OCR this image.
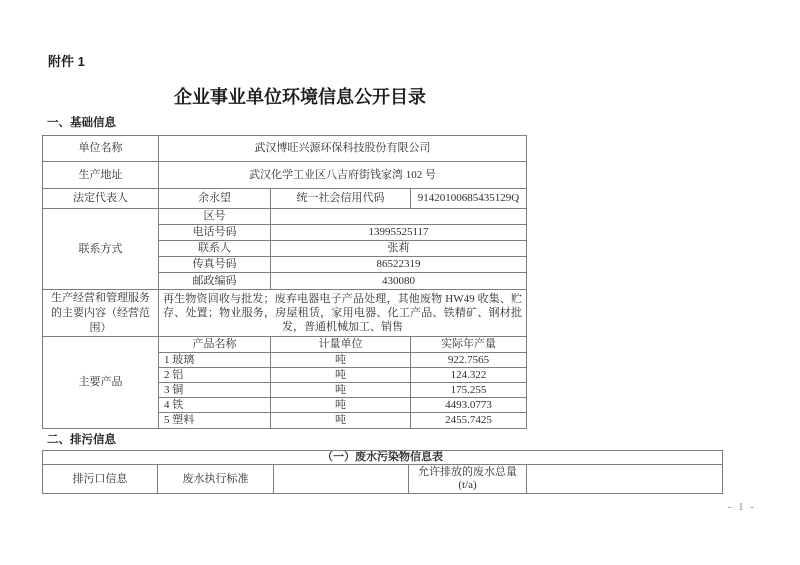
附件 1
企业事业单位环境信息公开目录
一、基础信息
单位名称	武汉博旺兴源环保科技股份有限公司		
生产地址	武汉化学工业区八吉府街钱家湾 102 号		
法定代表人	余永望	统一社会信用代码	91420100685435129Q
联系方式	区号		
	电话号码	13995525117	
	联系人	张莉	
	传真号码	86522319	
	邮政编码	430080	
生产经营和管理服务的主要内容（经营范围）	再生物资回收与批发；废弃电器电子产品处理，其他废物 HW49 收集、贮存、处置；物业服务，房屋租赁，家用电器、化工产品、铁精矿、钢材批发，普通机械加工、销售		
主要产品	产品名称	计量单位	实际年产量
	1 玻璃	吨	922.7565
	2 铝	吨	124.322
	3 铜	吨	175.255
	4 铁	吨	4493.0773
	5 塑料	吨	2455.7425
二、排污信息
（一）废水污染物信息表
排污口信息	废水执行标准		允许排放的废水总量
(t/a)	
- 1 -
